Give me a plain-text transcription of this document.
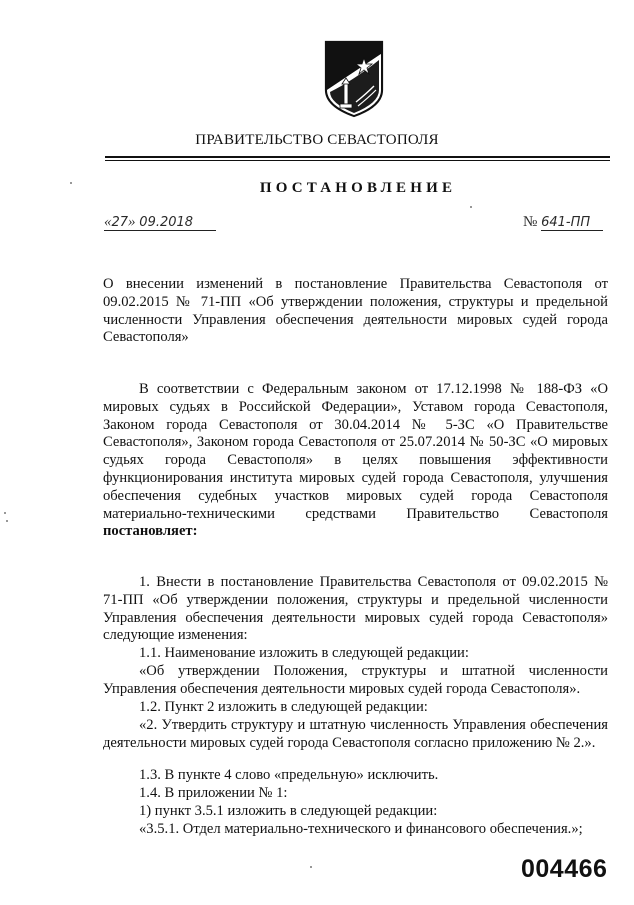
ПРАВИТЕЛЬСТВО СЕВАСТОПОЛЯ
ПОСТАНОВЛЕНИЕ
«27» 09.2018	№ 641-ПП
О внесении изменений в постановление Правительства Севастополя от 09.02.2015 № 71-ПП «Об утверждении положения, структуры и предельной численности Управления обеспечения деятельности мировых судей города Севастополя»
В соответствии с Федеральным законом от 17.12.1998 № 188-ФЗ «О мировых судьях в Российской Федерации», Уставом города Севастополя, Законом города Севастополя от 30.04.2014 № 5-ЗС «О Правительстве Севастополя», Законом города Севастополя от 25.07.2014 № 50-ЗС «О мировых судьях города Севастополя» в целях повышения эффективности функционирования института мировых судей города Севастополя, улучшения обеспечения судебных участков мировых судей города Севастополя материально-техническими средствами Правительство Севастополя постановляет:
1. Внести в постановление Правительства Севастополя от 09.02.2015 № 71-ПП «Об утверждении положения, структуры и предельной численности Управления обеспечения деятельности мировых судей города Севастополя» следующие изменения:
1.1. Наименование изложить в следующей редакции:
«Об утверждении Положения, структуры и штатной численности Управления обеспечения деятельности мировых судей города Севастополя».
1.2. Пункт 2 изложить в следующей редакции:
«2. Утвердить структуру и штатную численность Управления обеспечения деятельности мировых судей города Севастополя согласно приложению № 2.».
1.3. В пункте 4 слово «предельную» исключить.
1.4. В приложении № 1:
1) пункт 3.5.1 изложить в следующей редакции:
«3.5.1. Отдел материально-технического и финансового обеспечения.»;
004466
